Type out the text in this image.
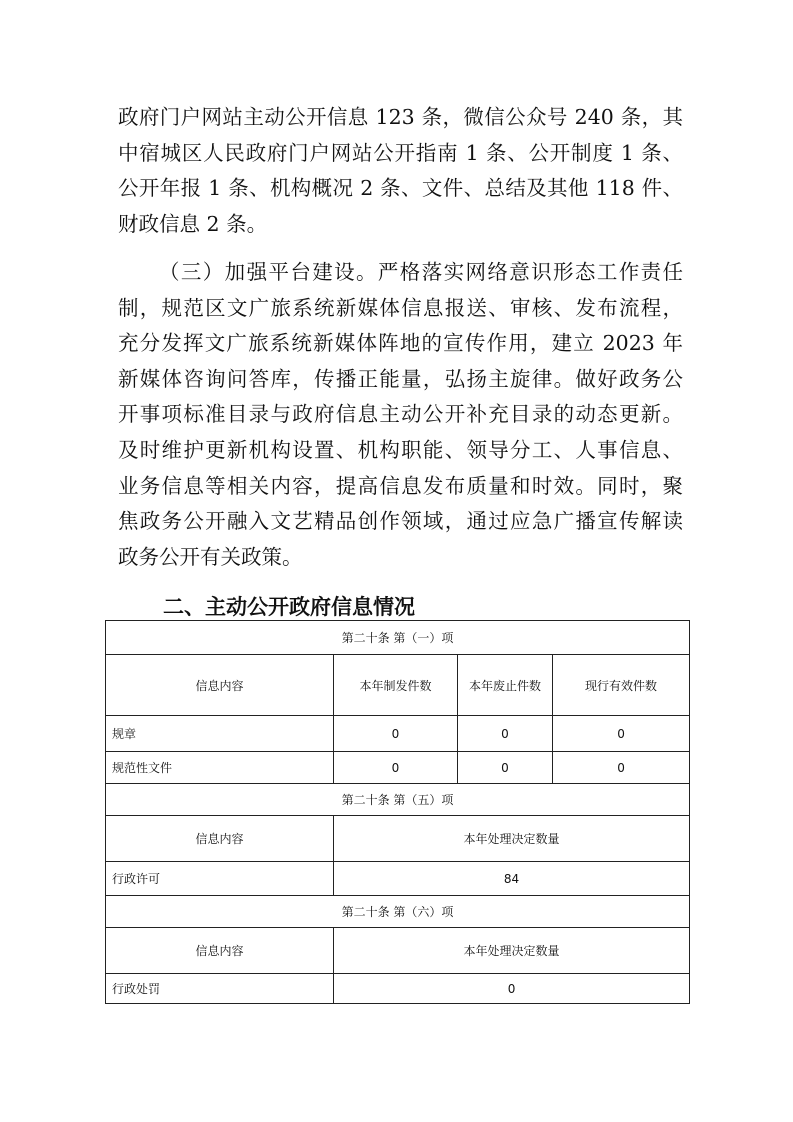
政府门户网站主动公开信息 123 条，微信公众号 240 条，其
中宿城区人民政府门户网站公开指南 1 条、公开制度 1 条、
公开年报 1 条、机构概况 2 条、文件、总结及其他 118 件、
财政信息 2 条。
（三）加强平台建设。严格落实网络意识形态工作责任
制，规范区文广旅系统新媒体信息报送、审核、发布流程，
充分发挥文广旅系统新媒体阵地的宣传作用，建立 2023 年
新媒体咨询问答库，传播正能量，弘扬主旋律。做好政务公
开事项标准目录与政府信息主动公开补充目录的动态更新。
及时维护更新机构设置、机构职能、领导分工、人事信息、
业务信息等相关内容，提高信息发布质量和时效。同时，聚
焦政务公开融入文艺精品创作领域，通过应急广播宣传解读
政务公开有关政策。
二、主动公开政府信息情况
第二十条 第（一）项			
信息内容	本年制发件数	本年废止件数	现行有效件数
规章	0	0	0
规范性文件	0	0	0
第二十条 第（五）项			
信息内容	本年处理决定数量		
行政许可	84		
第二十条 第（六）项			
信息内容	本年处理决定数量		
行政处罚	0		
